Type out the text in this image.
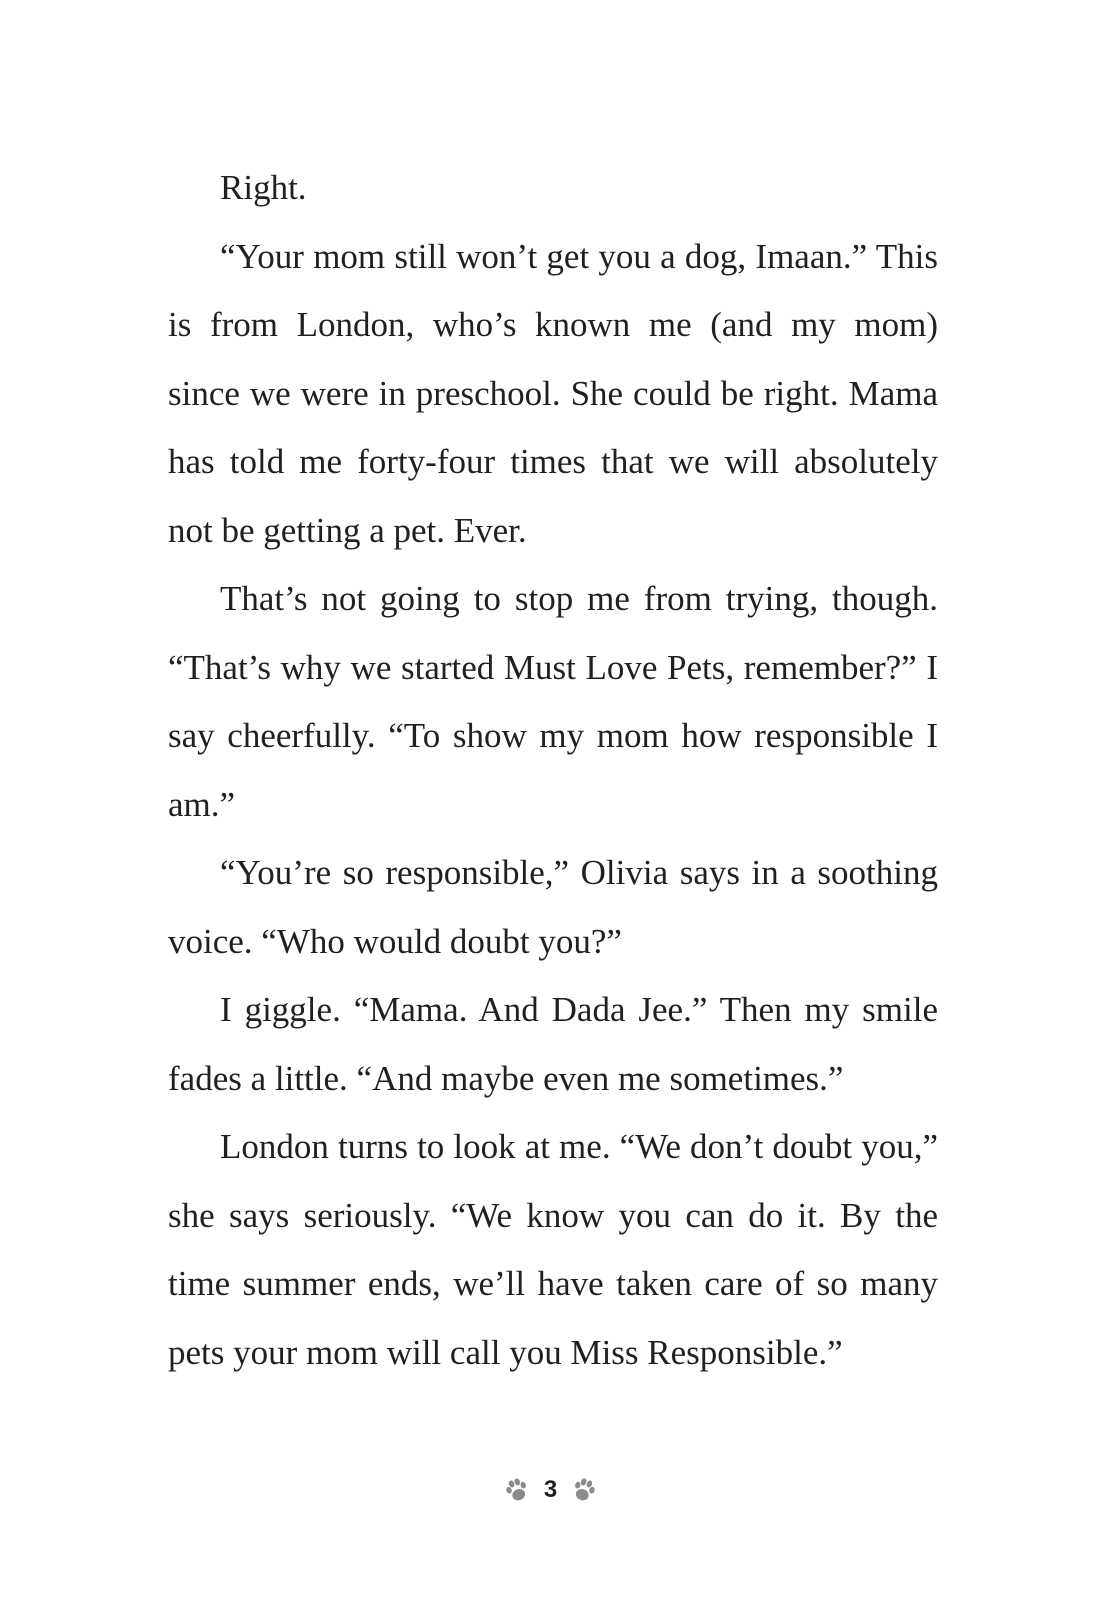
Right.

“Your mom still won’t get you a dog, Imaan.” This is from London, who’s known me (and my mom) since we were in preschool. She could be right. Mama has told me forty-four times that we will absolutely not be getting a pet. Ever.

That’s not going to stop me from trying, though. “That’s why we started Must Love Pets, remember?” I say cheerfully. “To show my mom how responsible I am.”

“You’re so responsible,” Olivia says in a soothing voice. “Who would doubt you?”

I giggle. “Mama. And Dada Jee.” Then my smile fades a little. “And maybe even me sometimes.”

London turns to look at me. “We don’t doubt you,” she says seriously. “We know you can do it. By the time summer ends, we’ll have taken care of so many pets your mom will call you Miss Responsible.”

3
